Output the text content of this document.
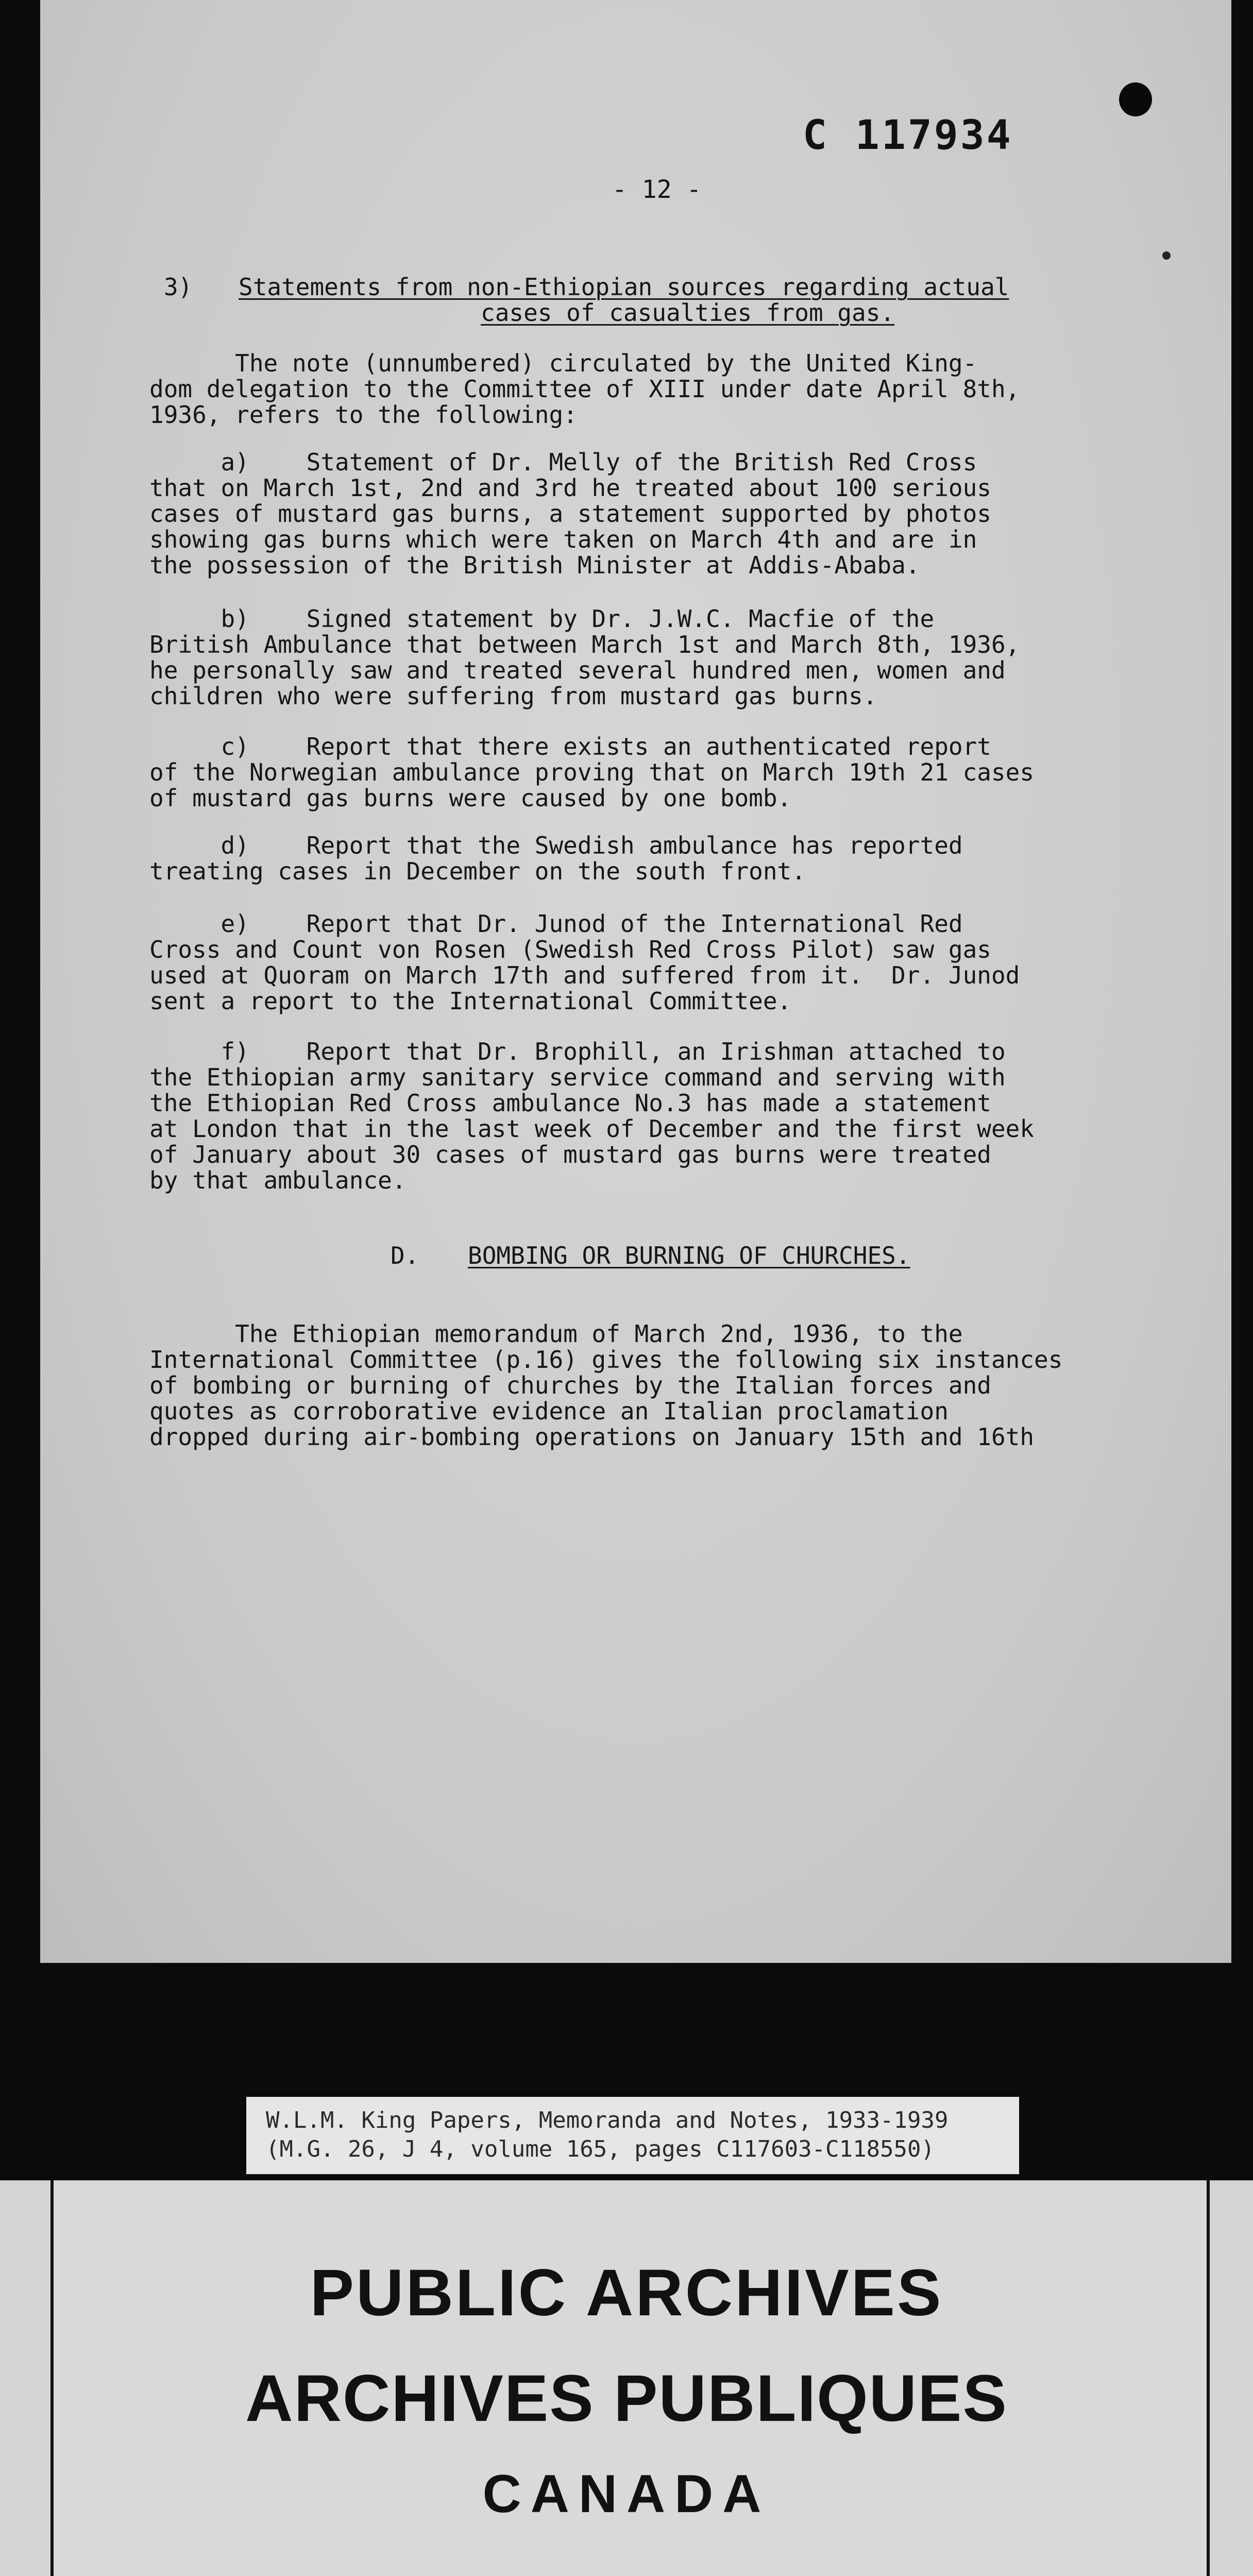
C 117934
- 12 -

3) Statements from non-Ethiopian sources regarding actual

cases of casualties from gas.

The note (unnumbered) circulated by the United King-
dom delegation to the Committee of XIII under date April 8th,
1936, refers to the following:

a)    Statement of Dr. Melly of the British Red Cross
that on March 1st, 2nd and 3rd he treated about 100 serious
cases of mustard gas burns, a statement supported by photos
showing gas burns which were taken on March 4th and are in
the possession of the British Minister at Addis-Ababa.

b)    Signed statement by Dr. J.W.C. Macfie of the
British Ambulance that between March 1st and March 8th, 1936,
he personally saw and treated several hundred men, women and
children who were suffering from mustard gas burns.

c)    Report that there exists an authenticated report
of the Norwegian ambulance proving that on March 19th 21 cases
of mustard gas burns were caused by one bomb.

d)    Report that the Swedish ambulance has reported
treating cases in December on the south front.

e)    Report that Dr. Junod of the International Red
Cross and Count von Rosen (Swedish Red Cross Pilot) saw gas
used at Quoram on March 17th and suffered from it.  Dr. Junod
sent a report to the International Committee.

f)    Report that Dr. Brophill, an Irishman attached to
the Ethiopian army sanitary service command and serving with
the Ethiopian Red Cross ambulance No.3 has made a statement
at London that in the last week of December and the first week
of January about 30 cases of mustard gas burns were treated
by that ambulance.

D. BOMBING OR BURNING OF CHURCHES.

The Ethiopian memorandum of March 2nd, 1936, to the
International Committee (p.16) gives the following six instances
of bombing or burning of churches by the Italian forces and
quotes as corroborative evidence an Italian proclamation
dropped during air-bombing operations on January 15th and 16th

W.L.M. King Papers, Memoranda and Notes, 1933-1939
(M.G. 26, J 4, volume 165, pages C117603-C118550)
PUBLIC ARCHIVES
ARCHIVES PUBLIQUES
CANADA
